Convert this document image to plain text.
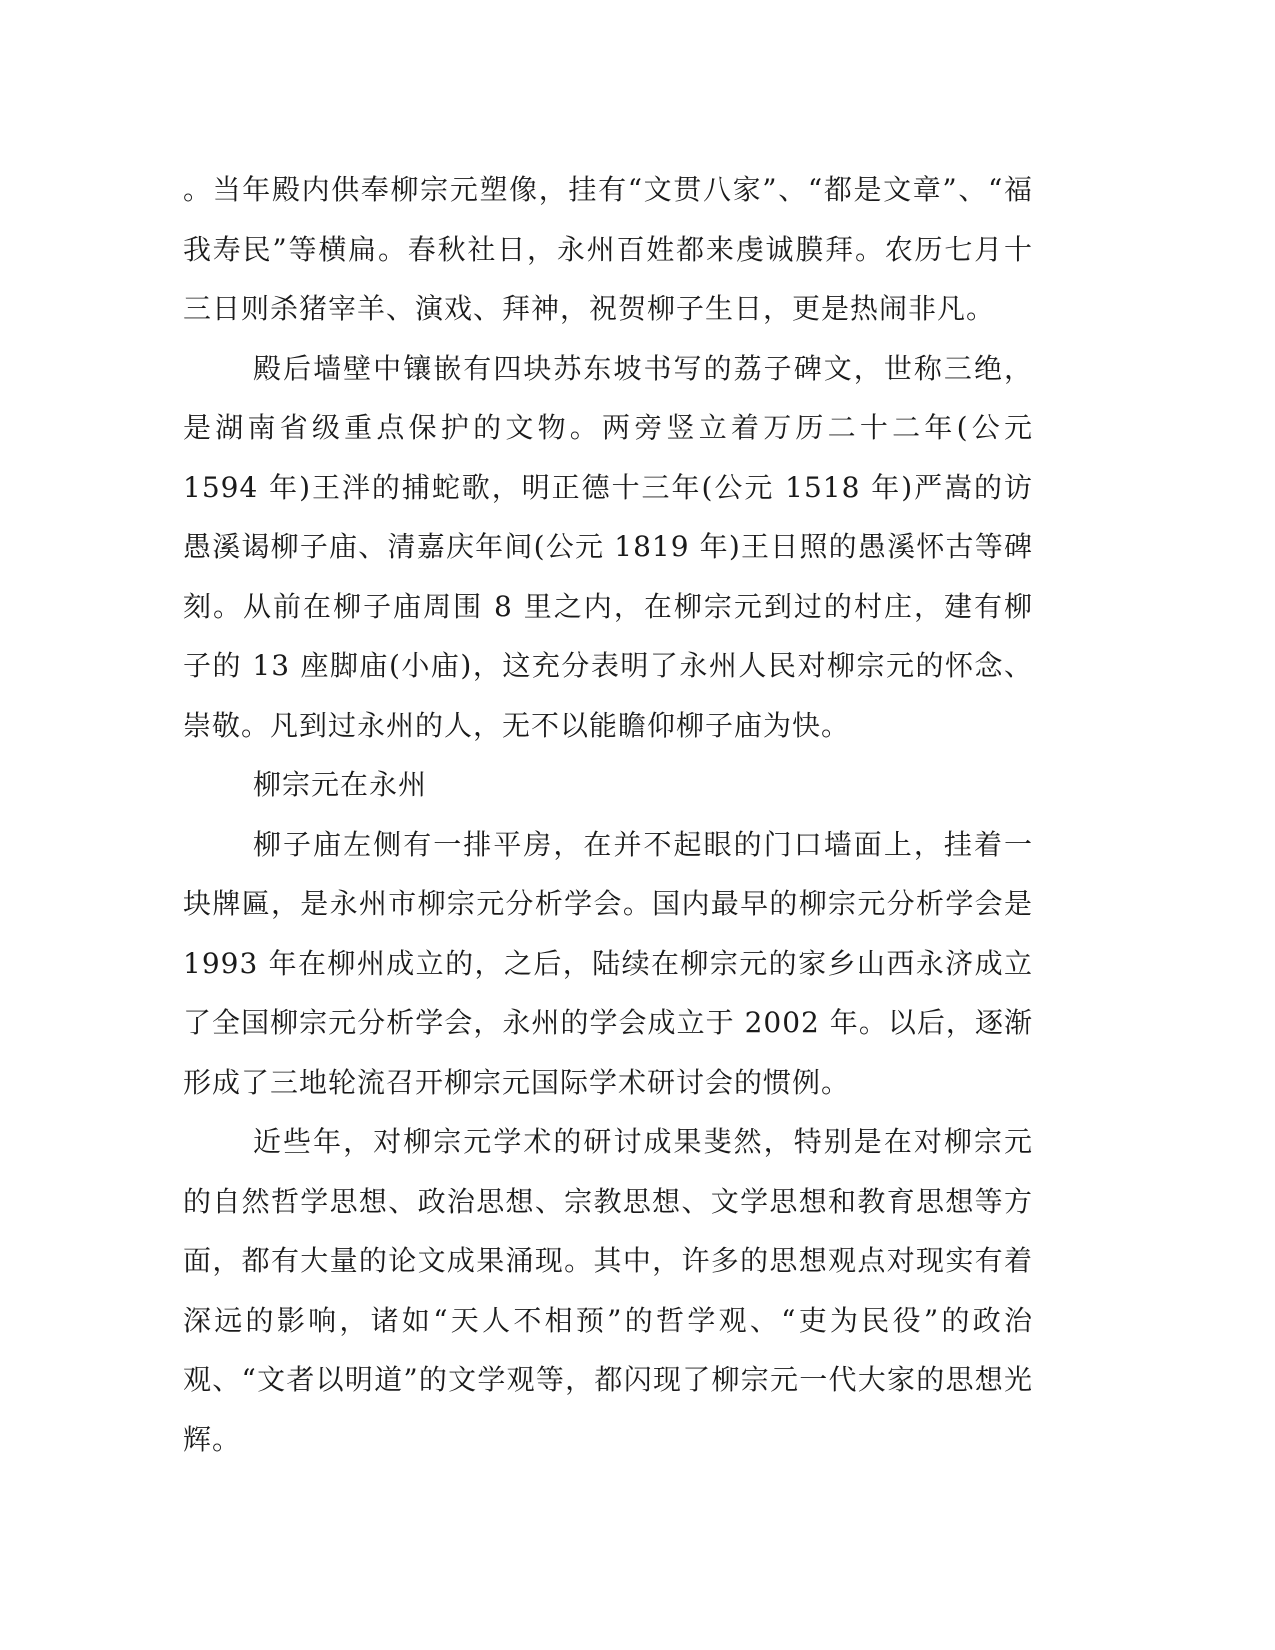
。当年殿内供奉柳宗元塑像，挂有“文贯八家”、“都是文章”、“福我寿民”等横扁。春秋社日，永州百姓都来虔诚膜拜。农历七月十三日则杀猪宰羊、演戏、拜神，祝贺柳子生日，更是热闹非凡。

殿后墙壁中镶嵌有四块苏东坡书写的荔子碑文，世称三绝，是湖南省级重点保护的文物。两旁竖立着万历二十二年(公元 1594 年)王泮的捕蛇歌，明正德十三年(公元 1518 年)严嵩的访愚溪谒柳子庙、清嘉庆年间(公元 1819 年)王日照的愚溪怀古等碑刻。从前在柳子庙周围 8 里之内，在柳宗元到过的村庄，建有柳子的 13 座脚庙(小庙)，这充分表明了永州人民对柳宗元的怀念、崇敬。凡到过永州的人，无不以能瞻仰柳子庙为快。

柳宗元在永州

柳子庙左侧有一排平房，在并不起眼的门口墙面上，挂着一块牌匾，是永州市柳宗元分析学会。国内最早的柳宗元分析学会是 1993 年在柳州成立的，之后，陆续在柳宗元的家乡山西永济成立了全国柳宗元分析学会，永州的学会成立于 2002 年。以后，逐渐形成了三地轮流召开柳宗元国际学术研讨会的惯例。

近些年，对柳宗元学术的研讨成果斐然，特别是在对柳宗元的自然哲学思想、政治思想、宗教思想、文学思想和教育思想等方面，都有大量的论文成果涌现。其中，许多的思想观点对现实有着深远的影响，诸如“天人不相预”的哲学观、“吏为民役”的政治观、“文者以明道”的文学观等，都闪现了柳宗元一代大家的思想光辉。
